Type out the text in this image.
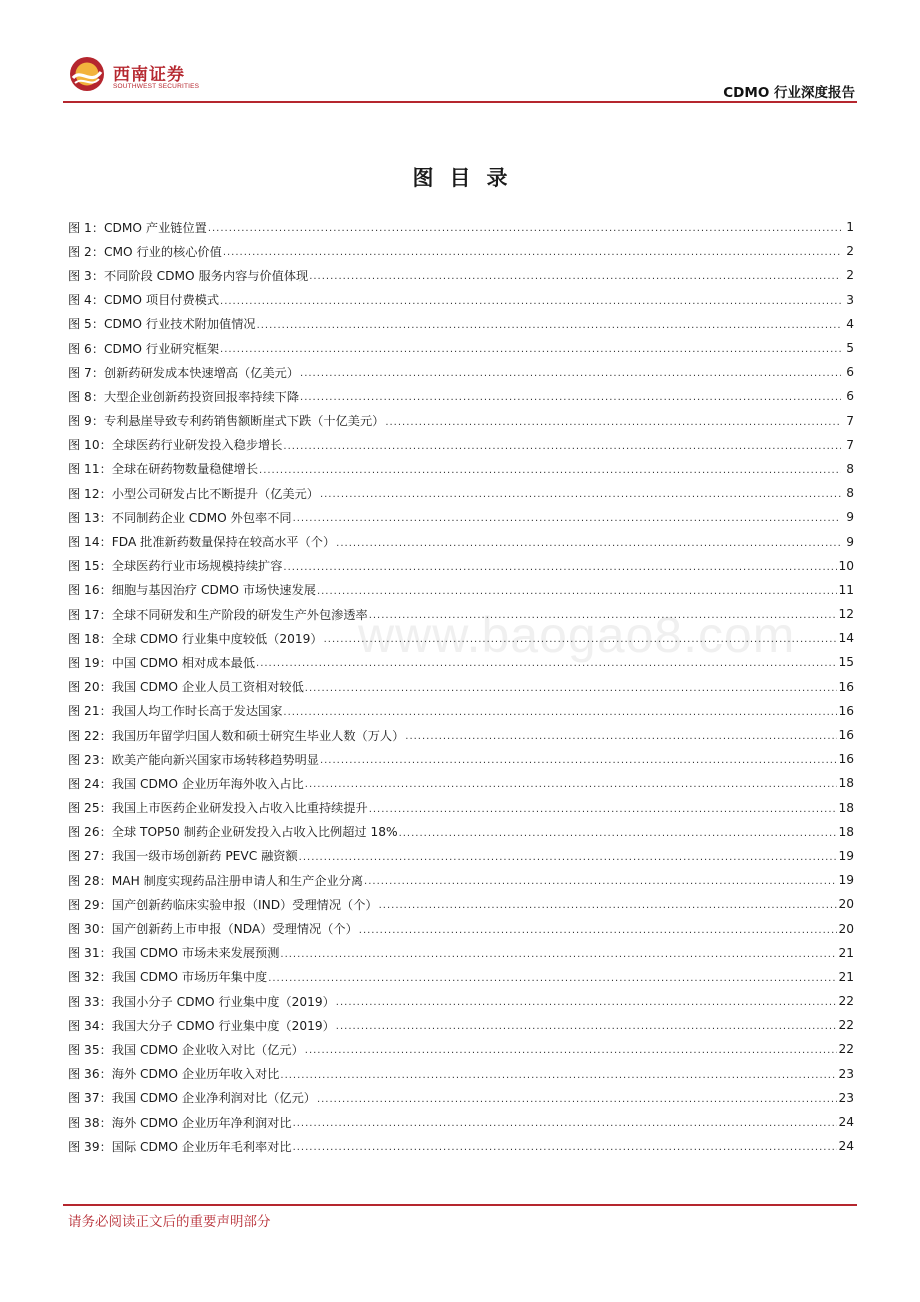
西南证券
SOUTHWEST SECURITIES	CDMO 行业深度报告
图目录
www.baogao8.com
图 1：CDMO 产业链位置 .....	1
图 2：CMO 行业的核心价值 .....	2
图 3：不同阶段 CDMO 服务内容与价值体现 .....	2
图 4：CDMO 项目付费模式 .....	3
图 5：CDMO 行业技术附加值情况 .....	4
图 6：CDMO 行业研究框架 .....	5
图 7：创新药研发成本快速增高（亿美元） .....	6
图 8：大型企业创新药投资回报率持续下降 .....	6
图 9：专利悬崖导致专利药销售额断崖式下跌（十亿美元） .....	7
图 10：全球医药行业研发投入稳步增长 .....	7
图 11：全球在研药物数量稳健增长 .....	8
图 12：小型公司研发占比不断提升（亿美元） .....	8
图 13：不同制药企业 CDMO 外包率不同 .....	9
图 14：FDA 批准新药数量保持在较高水平（个） .....	9
图 15：全球医药行业市场规模持续扩容 .....	10
图 16：细胞与基因治疗 CDMO 市场快速发展 .....	11
图 17：全球不同研发和生产阶段的研发生产外包渗透率 .....	12
图 18：全球 CDMO 行业集中度较低（2019） .....	14
图 19：中国 CDMO 相对成本最低 .....	15
图 20：我国 CDMO 企业人员工资相对较低 .....	16
图 21：我国人均工作时长高于发达国家 .....	16
图 22：我国历年留学归国人数和硕士研究生毕业人数（万人） .....	16
图 23：欧美产能向新兴国家市场转移趋势明显 .....	16
图 24：我国 CDMO 企业历年海外收入占比 .....	18
图 25：我国上市医药企业研发投入占收入比重持续提升 .....	18
图 26：全球 TOP50 制药企业研发投入占收入比例超过 18% .....	18
图 27：我国一级市场创新药 PEVC 融资额 .....	19
图 28：MAH 制度实现药品注册申请人和生产企业分离 .....	19
图 29：国产创新药临床实验申报（IND）受理情况（个） .....	20
图 30：国产创新药上市申报（NDA）受理情况（个） .....	20
图 31：我国 CDMO 市场未来发展预测 .....	21
图 32：我国 CDMO 市场历年集中度 .....	21
图 33：我国小分子 CDMO 行业集中度（2019） .....	22
图 34：我国大分子 CDMO 行业集中度（2019） .....	22
图 35：我国 CDMO 企业收入对比（亿元） .....	22
图 36：海外 CDMO 企业历年收入对比 .....	23
图 37：我国 CDMO 企业净利润对比（亿元） .....	23
图 38：海外 CDMO 企业历年净利润对比 .....	24
图 39：国际 CDMO 企业历年毛利率对比 .....	24
请务必阅读正文后的重要声明部分
